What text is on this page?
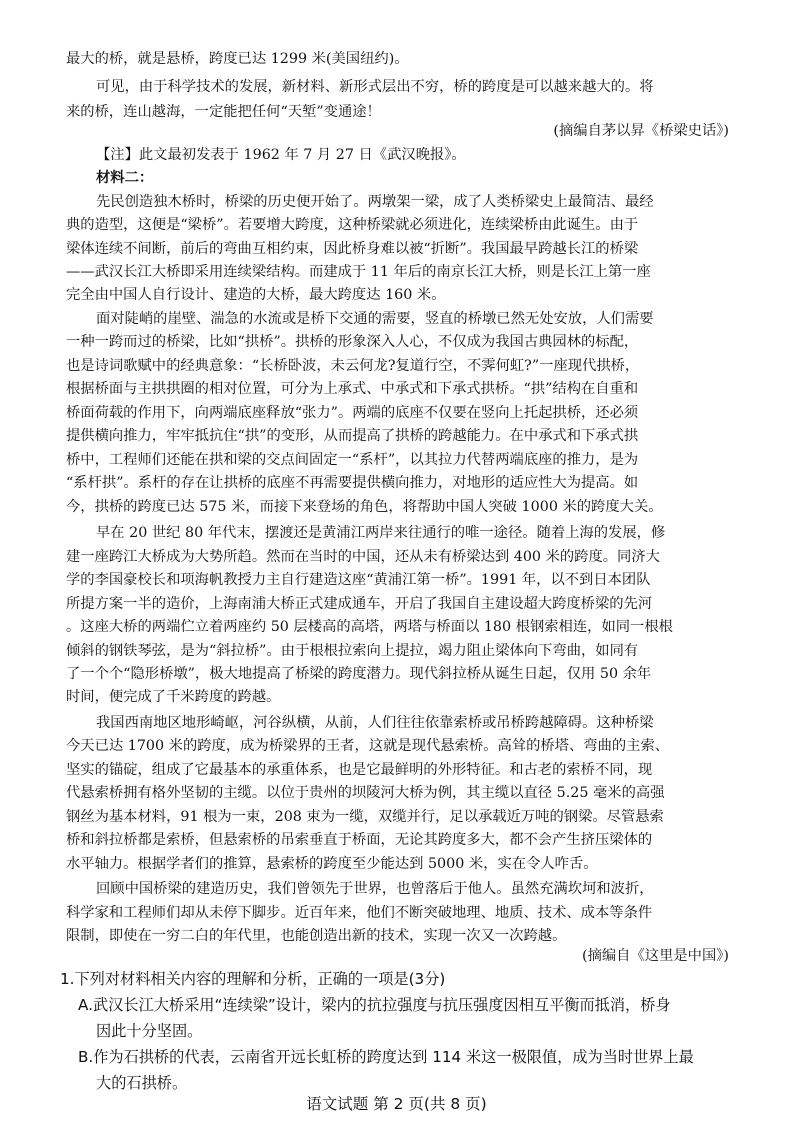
最大的桥，就是悬桥，跨度已达 1299 米(美国纽约)。
可见，由于科学技术的发展，新材料、新形式层出不穷，桥的跨度是可以越来越大的。将
来的桥，连山越海，一定能把任何“天堑”变通途！
(摘编自茅以昇《桥梁史话》)
【注】此文最初发表于 1962 年 7 月 27 日《武汉晚报》。
材料二：
先民创造独木桥时，桥梁的历史便开始了。两墩架一梁，成了人类桥梁史上最简洁、最经
典的造型，这便是“梁桥”。若要增大跨度，这种桥梁就必须进化，连续梁桥由此诞生。由于
梁体连续不间断，前后的弯曲互相约束，因此桥身难以被“折断”。我国最早跨越长江的桥梁
——武汉长江大桥即采用连续梁结构。而建成于 11 年后的南京长江大桥，则是长江上第一座
完全由中国人自行设计、建造的大桥，最大跨度达 160 米。
面对陡峭的崖壁、湍急的水流或是桥下交通的需要，竖直的桥墩已然无处安放，人们需要
一种一跨而过的桥梁，比如“拱桥”。拱桥的形象深入人心，不仅成为我国古典园林的标配，
也是诗词歌赋中的经典意象：“长桥卧波，未云何龙?复道行空，不霁何虹?”一座现代拱桥，
根据桥面与主拱拱圈的相对位置，可分为上承式、中承式和下承式拱桥。“拱”结构在自重和
桥面荷载的作用下，向两端底座释放“张力”。两端的底座不仅要在竖向上托起拱桥，还必须
提供横向推力，牢牢抵抗住“拱”的变形，从而提高了拱桥的跨越能力。在中承式和下承式拱
桥中，工程师们还能在拱和梁的交点间固定一“系杆”，以其拉力代替两端底座的推力，是为
“系杆拱”。系杆的存在让拱桥的底座不再需要提供横向推力，对地形的适应性大为提高。如
今，拱桥的跨度已达 575 米，而接下来登场的角色，将帮助中国人突破 1000 米的跨度大关。
早在 20 世纪 80 年代末，摆渡还是黄浦江两岸来往通行的唯一途径。随着上海的发展，修
建一座跨江大桥成为大势所趋。然而在当时的中国，还从未有桥梁达到 400 米的跨度。同济大
学的李国豪校长和项海帆教授力主自行建造这座“黄浦江第一桥”。1991 年，以不到日本团队
所提方案一半的造价，上海南浦大桥正式建成通车，开启了我国自主建设超大跨度桥梁的先河
。这座大桥的两端伫立着两座约 50 层楼高的高塔，两塔与桥面以 180 根钢索相连，如同一根根
倾斜的钢铁琴弦，是为“斜拉桥”。由于根根拉索向上提拉，竭力阻止梁体向下弯曲，如同有
了一个个“隐形桥墩”，极大地提高了桥梁的跨度潜力。现代斜拉桥从诞生日起，仅用 50 余年
时间，便完成了千米跨度的跨越。
我国西南地区地形崎岖，河谷纵横，从前，人们往往依靠索桥或吊桥跨越障碍。这种桥梁
今天已达 1700 米的跨度，成为桥梁界的王者，这就是现代悬索桥。高耸的桥塔、弯曲的主索、
坚实的锚碇，组成了它最基本的承重体系，也是它最鲜明的外形特征。和古老的索桥不同，现
代悬索桥拥有格外坚韧的主缆。以位于贵州的坝陵河大桥为例，其主缆以直径 5.25 毫米的高强
钢丝为基本材料，91 根为一束，208 束为一缆，双缆并行，足以承载近万吨的钢梁。尽管悬索
桥和斜拉桥都是索桥，但悬索桥的吊索垂直于桥面，无论其跨度多大，都不会产生挤压梁体的
水平轴力。根据学者们的推算，悬索桥的跨度至少能达到 5000 米，实在令人咋舌。
回顾中国桥梁的建造历史，我们曾领先于世界，也曾落后于他人。虽然充满坎坷和波折，
科学家和工程师们却从未停下脚步。近百年来，他们不断突破地理、地质、技术、成本等条件
限制，即使在一穷二白的年代里，也能创造出新的技术，实现一次又一次跨越。
(摘编自《这里是中国》)
1.下列对材料相关内容的理解和分析，正确的一项是(3分)
A.武汉长江大桥采用“连续梁”设计，梁内的抗拉强度与抗压强度因相互平衡而抵消，桥身
因此十分坚固。
B.作为石拱桥的代表，云南省开远长虹桥的跨度达到 114 米这一极限值，成为当时世界上最
大的石拱桥。
语文试题 第 2 页(共 8 页)
